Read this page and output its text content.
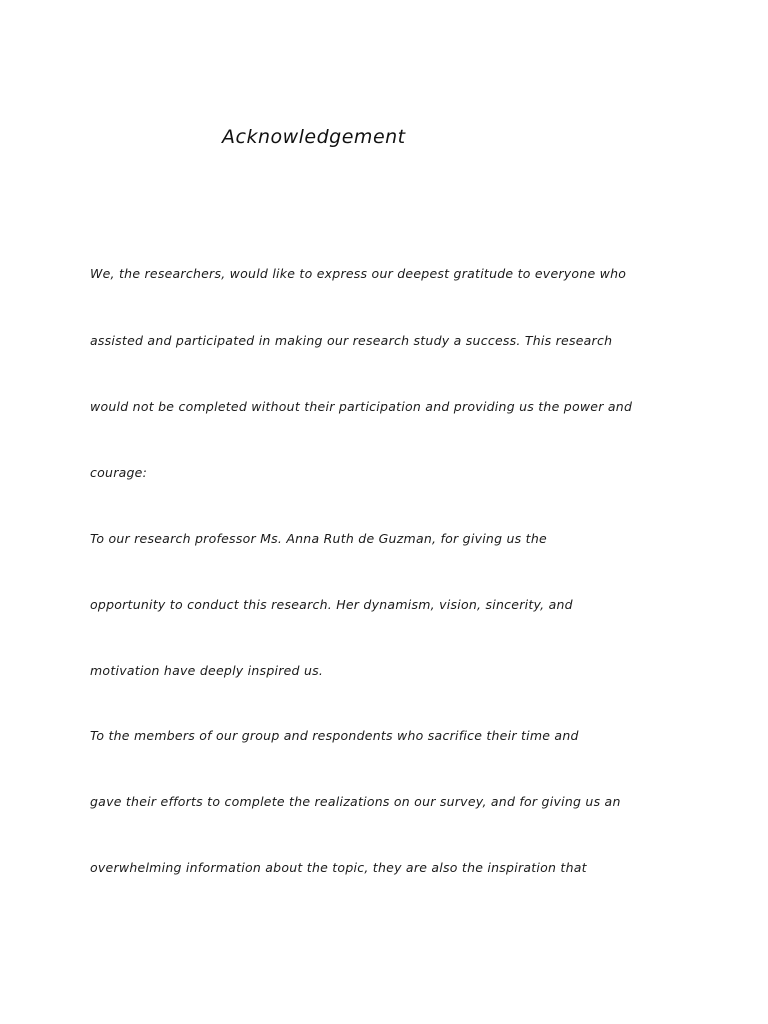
Acknowledgement
We, the researchers, would like to express our deepest gratitude to everyone who
assisted and participated in making our research study a success. This research
would not be completed without their participation and providing us the power and
courage:
To our research professor Ms. Anna Ruth de Guzman, for giving us the
opportunity to conduct this research. Her dynamism, vision, sincerity, and
motivation have deeply inspired us.
To the members of our group and respondents who sacrifice their time and
gave their efforts to complete the realizations on our survey, and for giving us an
overwhelming information about the topic, they are also the inspiration that
